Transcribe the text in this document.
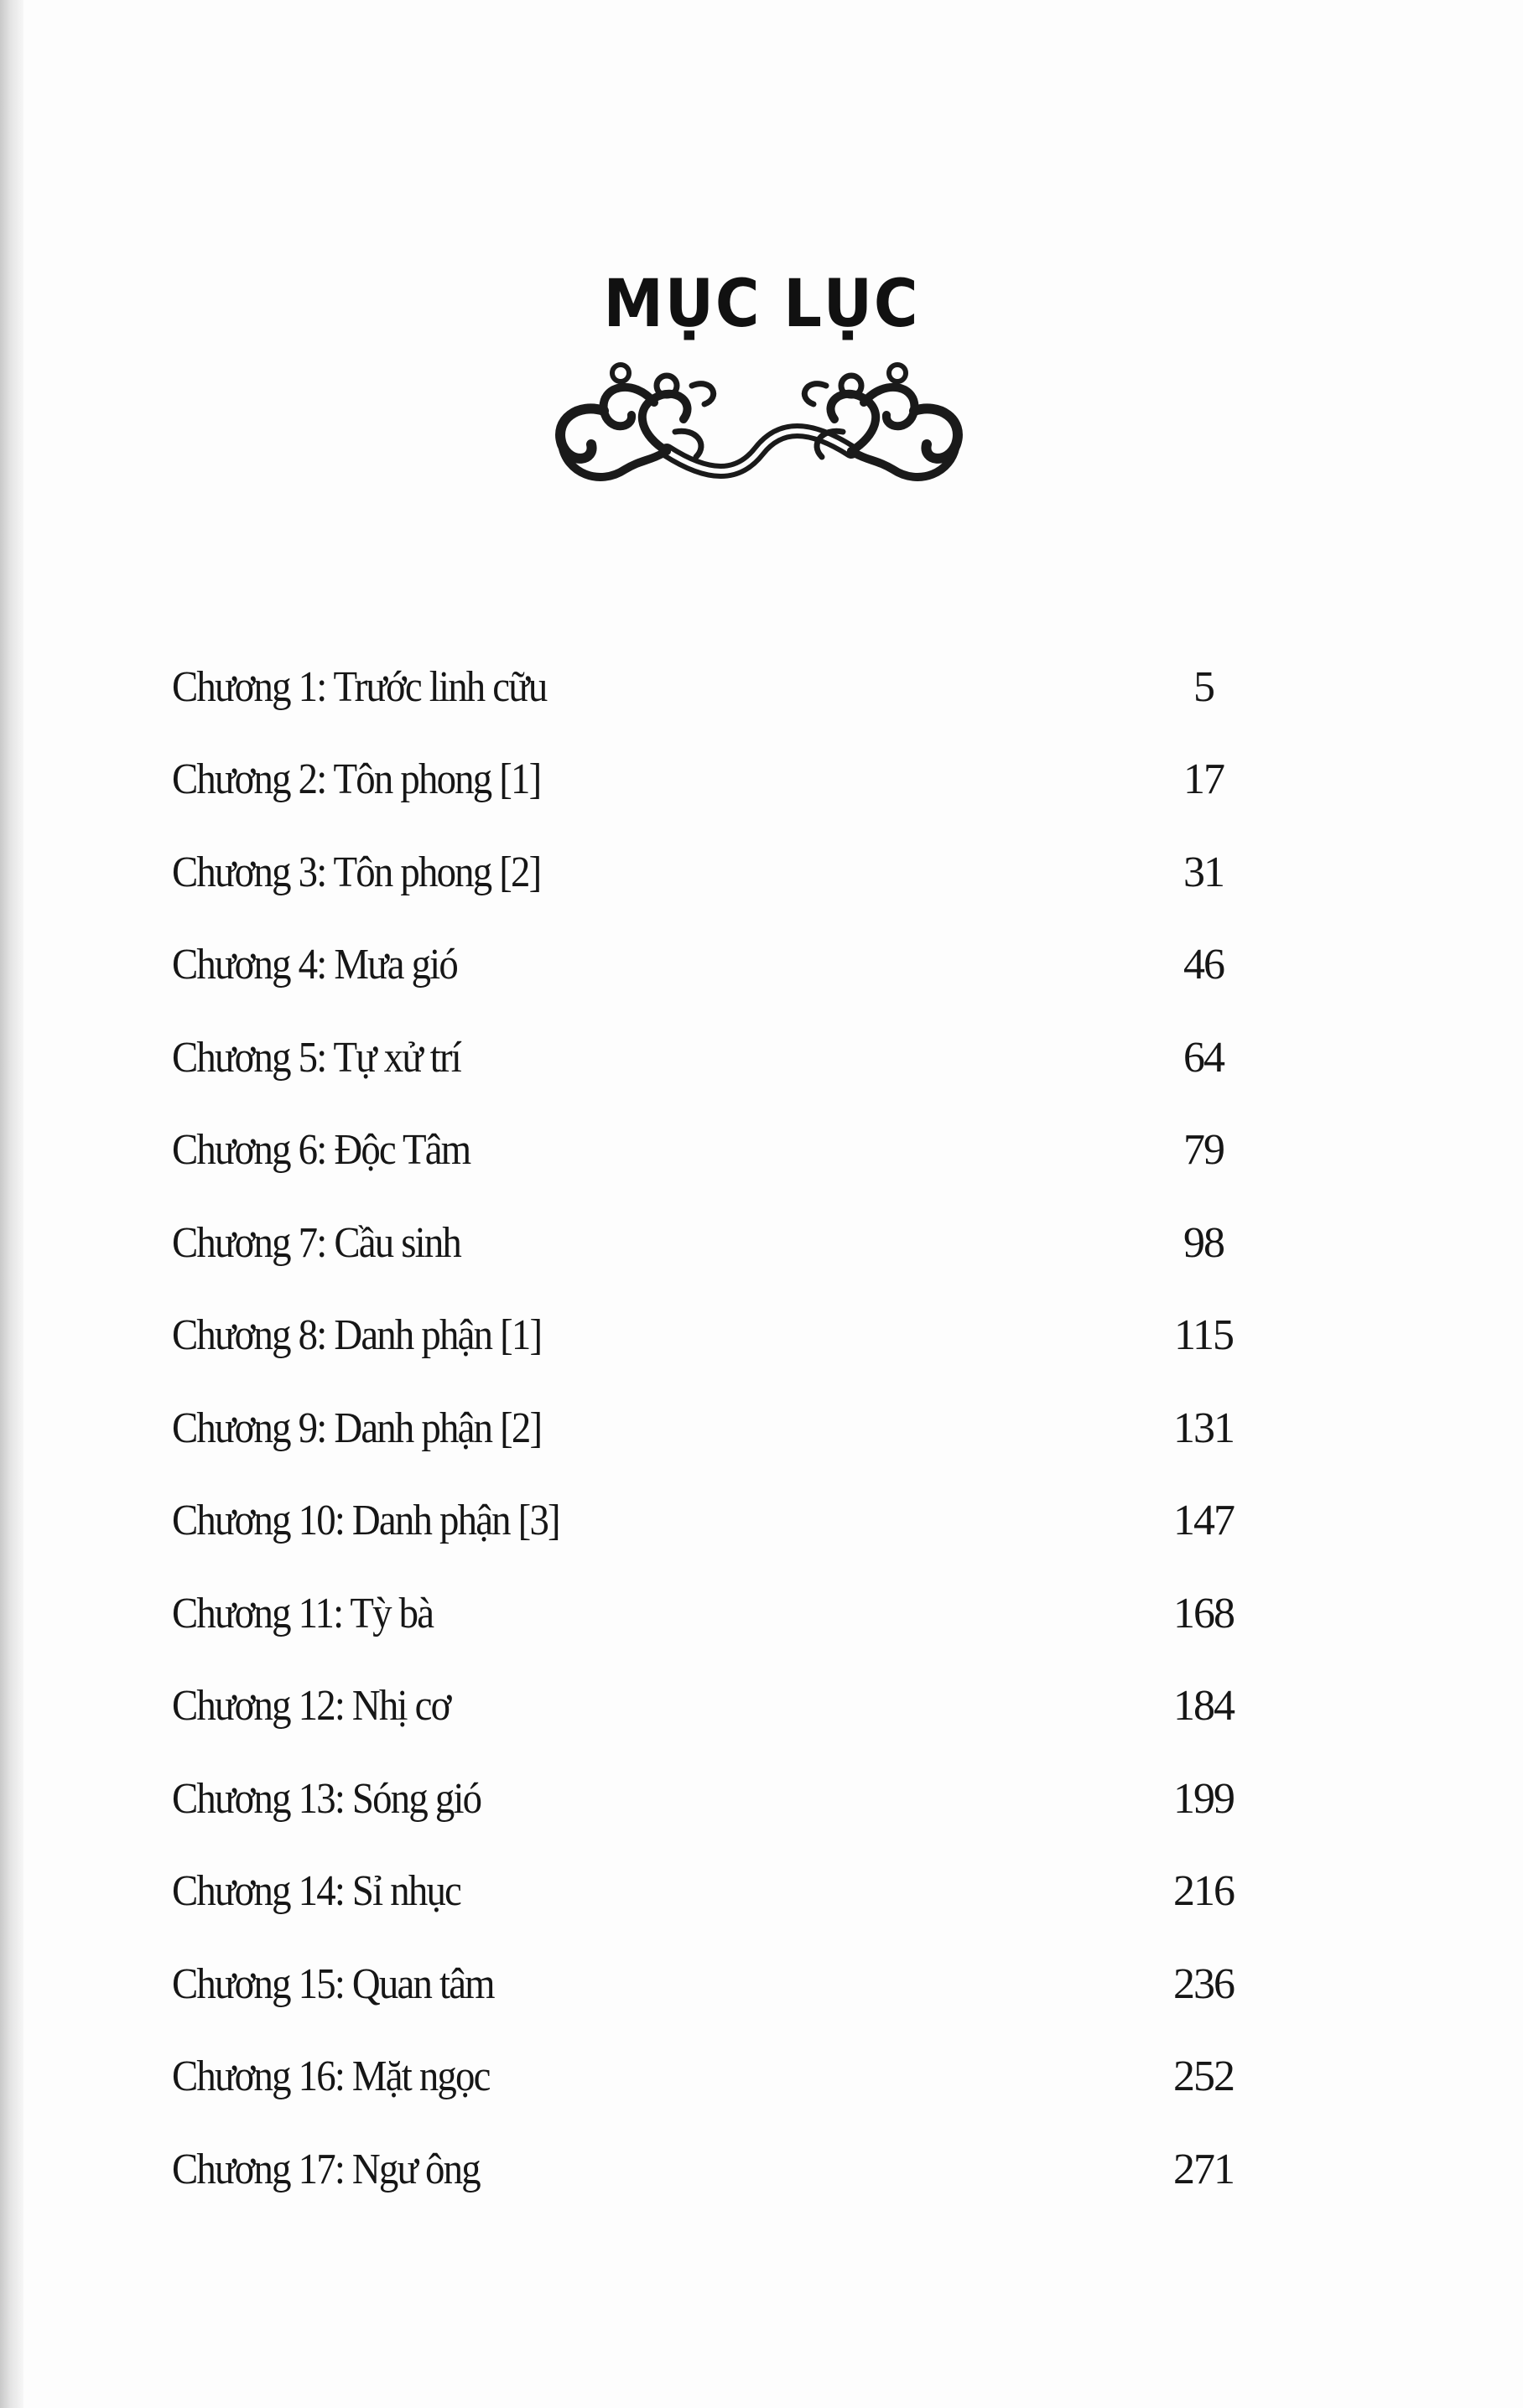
MỤC LỤC
Chương 1: Trước linh cữu	5
Chương 2: Tôn phong [1]	17
Chương 3: Tôn phong [2]	31
Chương 4: Mưa gió	46
Chương 5: Tự xử trí	64
Chương 6: Độc Tâm	79
Chương 7: Cầu sinh	98
Chương 8: Danh phận [1]	115
Chương 9: Danh phận [2]	131
Chương 10: Danh phận [3]	147
Chương 11: Tỳ bà	168
Chương 12: Nhị cơ	184
Chương 13: Sóng gió	199
Chương 14: Sỉ nhục	216
Chương 15: Quan tâm	236
Chương 16: Mặt ngọc	252
Chương 17: Ngư ông	271
